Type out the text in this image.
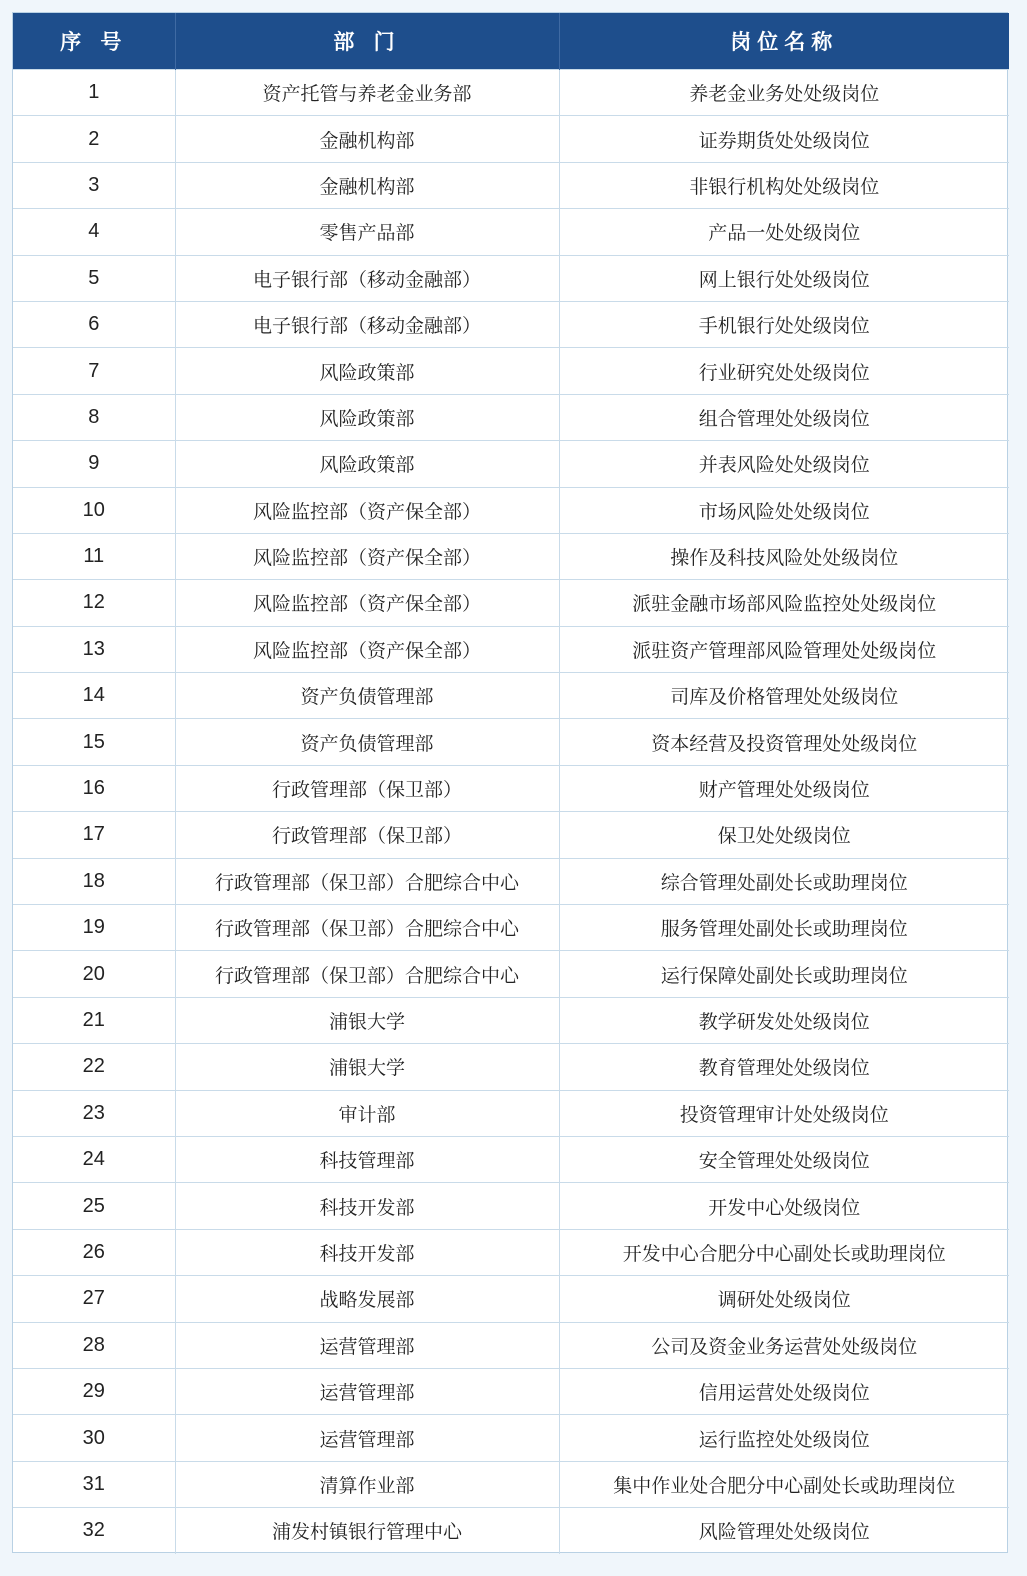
序 号	部 门	岗位名称
1	资产托管与养老金业务部	养老金业务处处级岗位
2	金融机构部	证券期货处处级岗位
3	金融机构部	非银行机构处处级岗位
4	零售产品部	产品一处处级岗位
5	电子银行部（移动金融部）	网上银行处处级岗位
6	电子银行部（移动金融部）	手机银行处处级岗位
7	风险政策部	行业研究处处级岗位
8	风险政策部	组合管理处处级岗位
9	风险政策部	并表风险处处级岗位
10	风险监控部（资产保全部）	市场风险处处级岗位
11	风险监控部（资产保全部）	操作及科技风险处处级岗位
12	风险监控部（资产保全部）	派驻金融市场部风险监控处处级岗位
13	风险监控部（资产保全部）	派驻资产管理部风险管理处处级岗位
14	资产负债管理部	司库及价格管理处处级岗位
15	资产负债管理部	资本经营及投资管理处处级岗位
16	行政管理部（保卫部）	财产管理处处级岗位
17	行政管理部（保卫部）	保卫处处级岗位
18	行政管理部（保卫部）合肥综合中心	综合管理处副处长或助理岗位
19	行政管理部（保卫部）合肥综合中心	服务管理处副处长或助理岗位
20	行政管理部（保卫部）合肥综合中心	运行保障处副处长或助理岗位
21	浦银大学	教学研发处处级岗位
22	浦银大学	教育管理处处级岗位
23	审计部	投资管理审计处处级岗位
24	科技管理部	安全管理处处级岗位
25	科技开发部	开发中心处级岗位
26	科技开发部	开发中心合肥分中心副处长或助理岗位
27	战略发展部	调研处处级岗位
28	运营管理部	公司及资金业务运营处处级岗位
29	运营管理部	信用运营处处级岗位
30	运营管理部	运行监控处处级岗位
31	清算作业部	集中作业处合肥分中心副处长或助理岗位
32	浦发村镇银行管理中心	风险管理处处级岗位
